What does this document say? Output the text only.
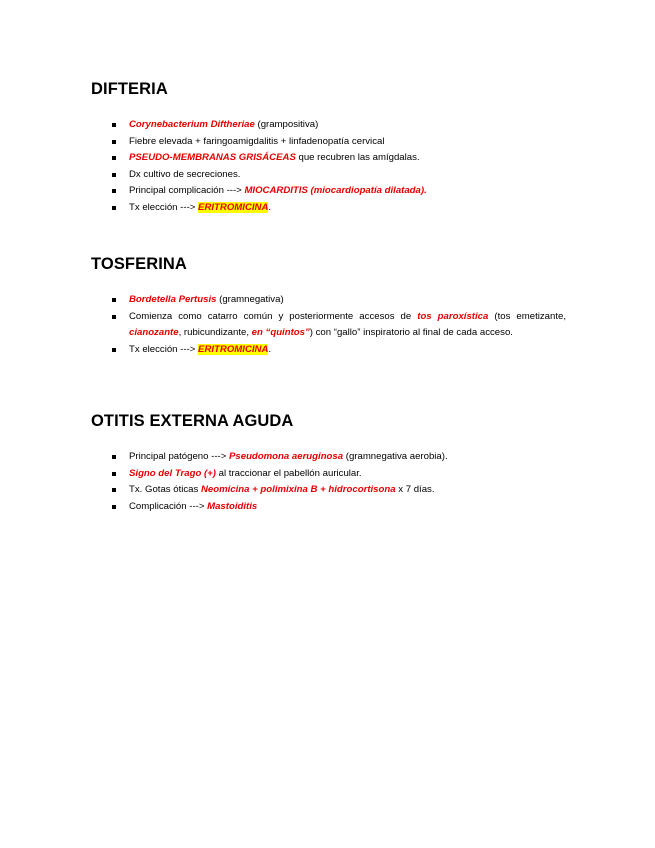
DIFTERIA
Corynebacterium Diftheriae (grampositiva)
Fiebre elevada + faringoamigdalitis + linfadenopatía cervical
PSEUDO-MEMBRANAS GRISÁCEAS que recubren las amígdalas.
Dx cultivo de secreciones.
Principal complicación ---> MIOCARDITIS (miocardiopatía dilatada).
Tx elección ---> ERITROMICINA.
TOSFERINA
Bordetella Pertusis (gramnegativa)
Comienza como catarro común y posteriormente accesos de tos paroxística (tos emetizante, cianozante, rubicundizante, en “quintos”) con “gallo” inspiratorio al final de cada acceso.
Tx elección ---> ERITROMICINA.
OTITIS EXTERNA AGUDA
Principal patógeno ---> Pseudomona aeruginosa (gramnegativa aerobia).
Signo del Trago (+) al traccionar el pabellón auricular.
Tx. Gotas óticas Neomicina + polimixina B + hidrocortisona x 7 días.
Complicación ---> Mastoiditis
